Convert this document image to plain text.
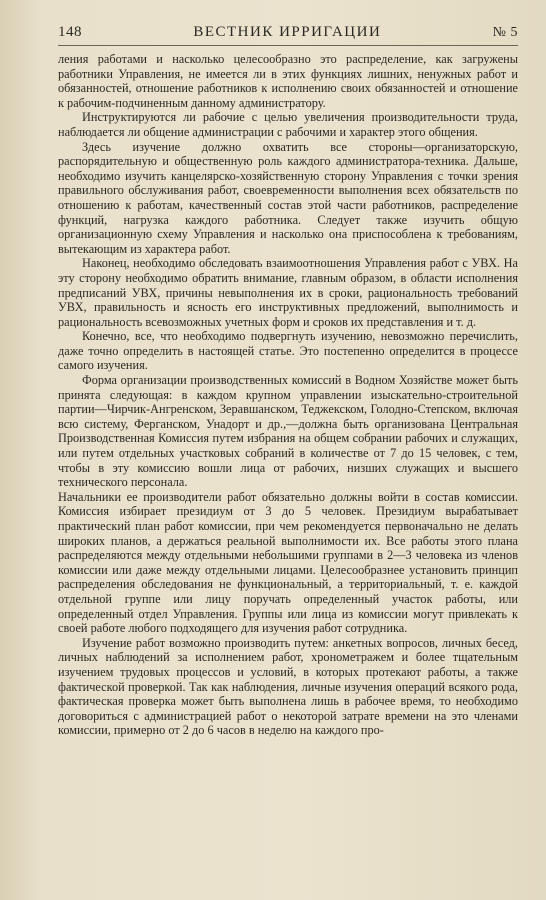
148	ВЕСТНИК ИРРИГАЦИИ	№ 5

ления работами и насколько целесообразно это распределение, как загружены работники Управления, не имеется ли в этих функциях лишних, ненужных работ и обязанностей, отношение работников к исполнению своих обязанностей и отношение к рабочим-подчиненным данному администратору.

Инструктируются ли рабочие с целью увеличения производительности труда, наблюдается ли общение администрации с рабочими и характер этого общения.

Здесь изучение должно охватить все стороны—организаторскую, распорядительную и общественную роль каждого администратора-техника. Дальше, необходимо изучить канцелярско-хозяйственную сторону Управления с точки зрения правильного обслуживания работ, своевременности выполнения всех обязательств по отношению к работам, качественный состав этой части работников, распределение функций, нагрузка каждого работника. Следует также изучить общую организационную схему Управления и насколько она приспособлена к требованиям, вытекающим из характера работ.

Наконец, необходимо обследовать взаимоотношения Управления работ с УВХ. На эту сторону необходимо обратить внимание, главным образом, в области исполнения предписаний УВХ, причины невыполнения их в сроки, рациональность требований УВХ, правильность и ясность его инструктивных предложений, выполнимость и рациональность всевозможных учетных форм и сроков их представления и т. д.

Конечно, все, что необходимо подвергнуть изучению, невозможно перечислить, даже точно определить в настоящей статье. Это постепенно определится в процессе самого изучения.

Форма организации производственных комиссий в Водном Хозяйстве может быть принята следующая: в каждом крупном управлении изыскательно-строительной партии—Чирчик-Ангренском, Зеравшанском, Теджекском, Голодно-Степском, включая всю систему, Ферганском, Унадорт и др.,—должна быть организована Центральная Производственная Комиссия путем избрания на общем собрании рабочих и служащих, или путем отдельных участковых собраний в количестве от 7 до 15 человек, с тем, чтобы в эту комиссию вошли лица от рабочих, низших служащих и высшего технического персонала.

Начальники ее производители работ обязательно должны войти в состав комиссии. Комиссия избирает президиум от 3 до 5 человек. Президиум вырабатывает практический план работ комиссии, при чем рекомендуется первоначально не делать широких планов, а держаться реальной выполнимости их. Все работы этого плана распределяются между отдельными небольшими группами в 2—3 человека из членов комиссии или даже между отдельными лицами. Целесообразнее установить принцип распределения обследования не функциональный, а территориальный, т. е. каждой отдельной группе или лицу поручать определенный участок работы, или определенный отдел Управления. Группы или лица из комиссии могут привлекать к своей работе любого подходящего для изучения работ сотрудника.

Изучение работ возможно производить путем: анкетных вопросов, личных бесед, личных наблюдений за исполнением работ, хронометражем и более тщательным изучением трудовых процессов и условий, в которых протекают работы, а также фактической проверкой. Так как наблюдения, личные изучения операций всякого рода, фактическая проверка может быть выполнена лишь в рабочее время, то необходимо договориться с администрацией работ о некоторой затрате времени на это членами комиссии, примерно от 2 до 6 часов в неделю на каждого про-
